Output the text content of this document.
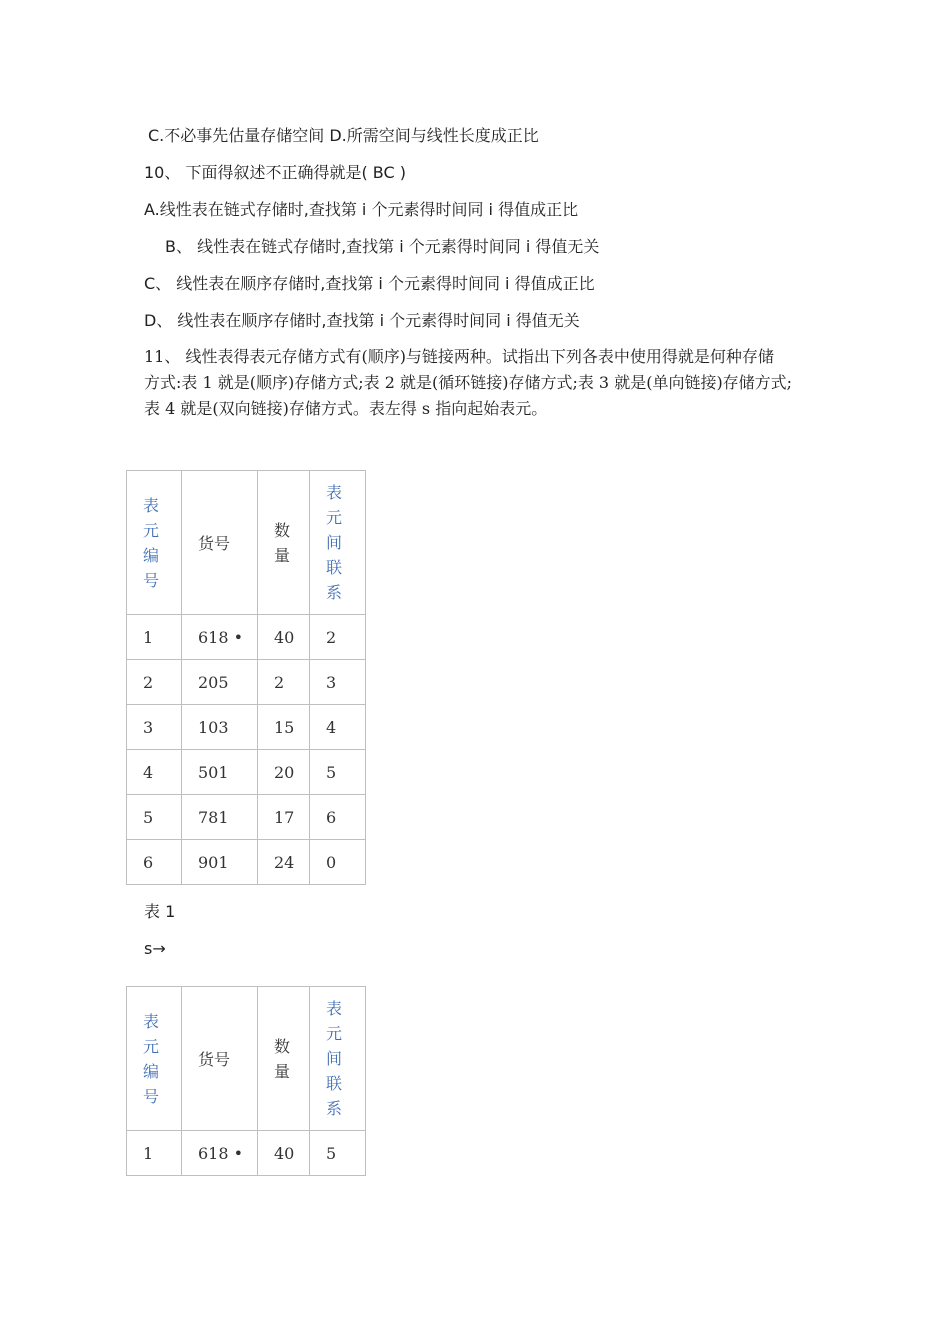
C.不必事先估量存储空间 D.所需空间与线性长度成正比
10、 下面得叙述不正确得就是( BC )
A.线性表在链式存储时,查找第 i 个元素得时间同 i 得值成正比
B、 线性表在链式存储时,查找第 i 个元素得时间同 i 得值无关
C、 线性表在顺序存储时,查找第 i 个元素得时间同 i 得值成正比
D、 线性表在顺序存储时,查找第 i 个元素得时间同 i 得值无关
11、 线性表得表元存储方式有(顺序)与链接两种。试指出下列各表中使用得就是何种存储
方式:表 1 就是(顺序)存储方式;表 2 就是(循环链接)存储方式;表 3 就是(单向链接)存储方式;
表 4 就是(双向链接)存储方式。表左得 s 指向起始表元。
表元编号	货号	数量	表元间联系
1	618 •	40	2
2	205	2	3
3	103	15	4
4	501	20	5
5	781	17	6
6	901	24	0
表 1
s→
表元编号	货号	数量	表元间联系
1	618 •	40	5
